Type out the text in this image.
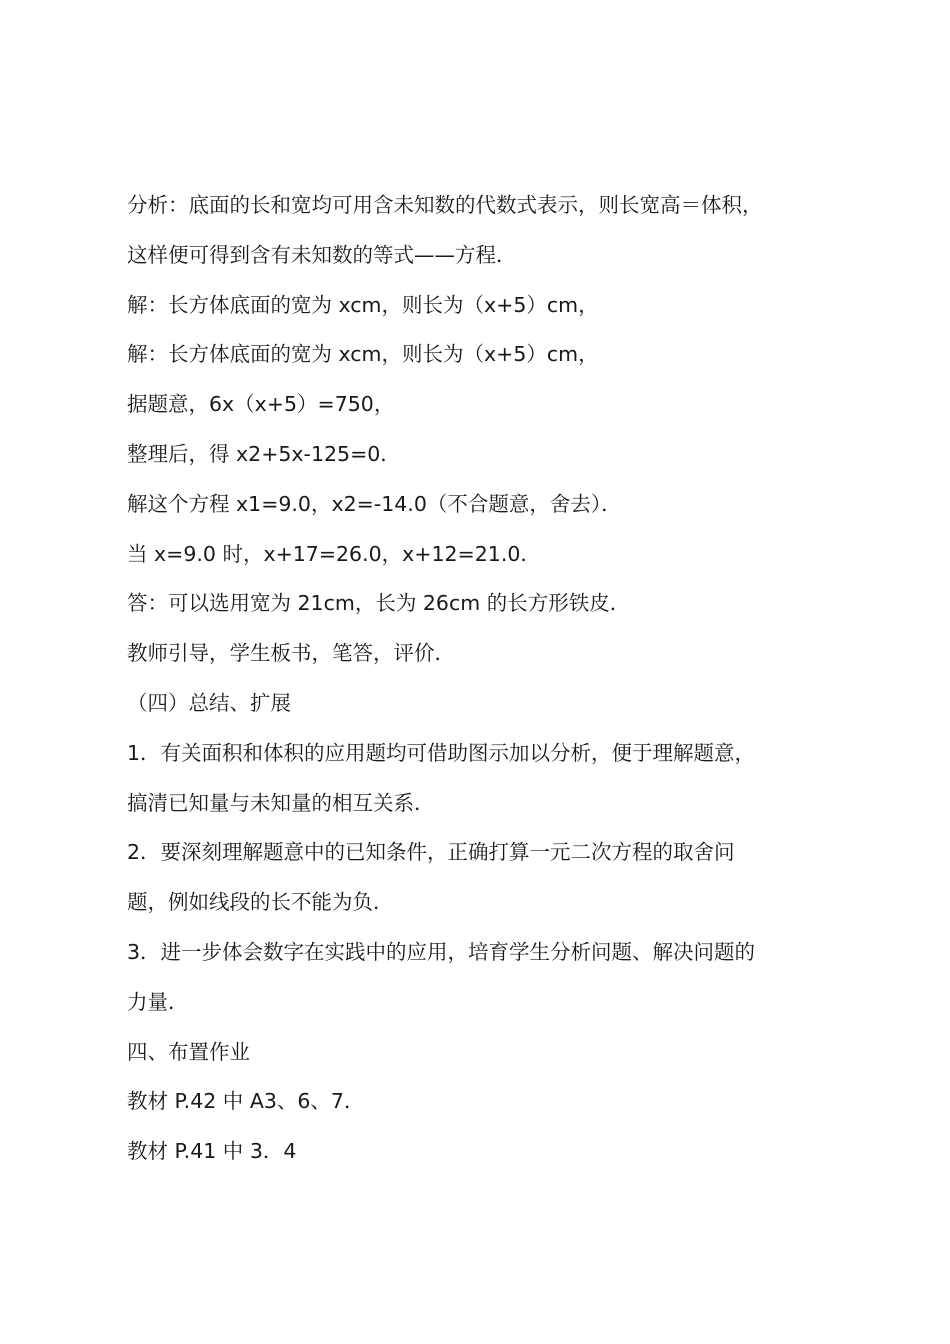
分析：底面的长和宽均可用含未知数的代数式表示，则长宽高＝体积，
这样便可得到含有未知数的等式——方程．
解：长方体底面的宽为 xcm，则长为（x+5）cm，
解：长方体底面的宽为 xcm，则长为（x+5）cm，
据题意，6x（x+5）=750，
整理后，得 x2+5x-125=0．
解这个方程 x1=9.0，x2=-14.0（不合题意，舍去）．
当 x=9.0 时，x+17=26.0，x+12=21.0．
答：可以选用宽为 21cm，长为 26cm 的长方形铁皮．
教师引导，学生板书，笔答，评价．
（四）总结、扩展
1．有关面积和体积的应用题均可借助图示加以分析，便于理解题意，
搞清已知量与未知量的相互关系．
2．要深刻理解题意中的已知条件，正确打算一元二次方程的取舍问
题，例如线段的长不能为负．
3．进一步体会数字在实践中的应用，培育学生分析问题、解决问题的
力量．
四、布置作业
教材 P.42 中 A3、6、7．
教材 P.41 中 3．4
